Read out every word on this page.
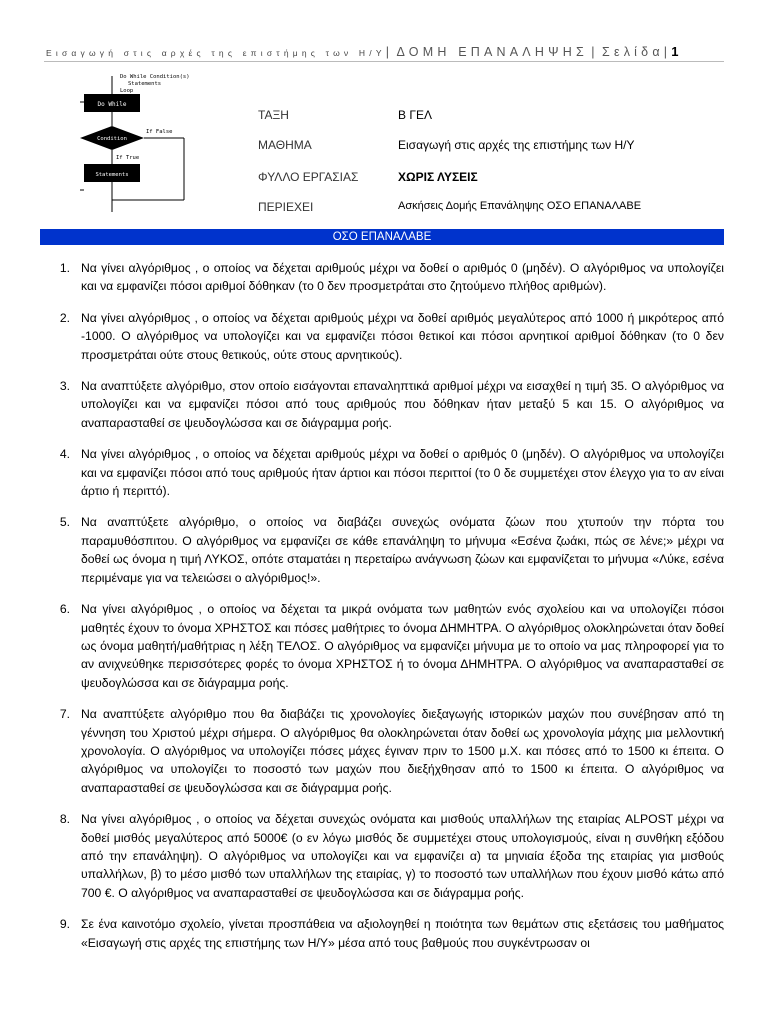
Εισαγωγή στις αρχές της επιστήμης των Η/Υ| ΔΟΜΗ ΕΠΑΝΑΛΗΨΗΣ | Σελίδα|1
Do While Condition(s)
Statements
Loop
Do While
Condition
If False
If True
Statements
ΤΑΞΗ	Β ΓΕΛ
ΜΑΘΗΜΑ	Εισαγωγή στις αρχές της επιστήμης των Η/Υ
ΦΥΛΛΟ ΕΡΓΑΣΙΑΣ	ΧΩΡΙΣ ΛΥΣΕΙΣ
ΠΕΡΙΕΧΕΙ	Ασκήσεις Δομής Επανάληψης ΟΣΟ ΕΠΑΝΑΛΑΒΕ
ΟΣΟ ΕΠΑΝΑΛΑΒΕ
1. Να γίνει αλγόριθμος , ο οποίος να δέχεται αριθμούς μέχρι να δοθεί ο αριθμός 0 (μηδέν). Ο αλγόριθμος να υπολογίζει και να εμφανίζει πόσοι αριθμοί δόθηκαν (το 0 δεν προσμετράται στο ζητούμενο πλήθος αριθμών).
2. Να γίνει αλγόριθμος , ο οποίος να δέχεται αριθμούς μέχρι να δοθεί αριθμός μεγαλύτερος από 1000 ή μικρότερος από -1000. Ο αλγόριθμος να υπολογίζει και να εμφανίζει πόσοι θετικοί και πόσοι αρνητικοί αριθμοί δόθηκαν (το 0 δεν προσμετράται ούτε στους θετικούς, ούτε στους αρνητικούς).
3. Να αναπτύξετε αλγόριθμο, στον οποίο εισάγονται επαναληπτικά αριθμοί μέχρι να εισαχθεί η τιμή 35. Ο αλγόριθμος να υπολογίζει και να εμφανίζει πόσοι από τους αριθμούς που δόθηκαν ήταν μεταξύ 5 και 15. Ο αλγόριθμος να αναπαρασταθεί σε ψευδογλώσσα και σε διάγραμμα ροής.
4. Να γίνει αλγόριθμος , ο οποίος να δέχεται αριθμούς μέχρι να δοθεί ο αριθμός 0 (μηδέν). Ο αλγόριθμος να υπολογίζει και να εμφανίζει πόσοι από τους αριθμούς ήταν άρτιοι και πόσοι περιττοί (το 0 δε συμμετέχει στον έλεγχο για το αν είναι άρτιο ή περιττό).
5. Να αναπτύξετε αλγόριθμο, ο οποίος να διαβάζει συνεχώς ονόματα ζώων που χτυπούν την πόρτα του παραμυθόσπιτου. Ο αλγόριθμος να εμφανίζει σε κάθε επανάληψη το μήνυμα «Εσένα ζωάκι, πώς σε λένε;» μέχρι να δοθεί ως όνομα η τιμή ΛΥΚΟΣ, οπότε σταματάει η περεταίρω ανάγνωση ζώων και εμφανίζεται το μήνυμα «Λύκε, εσένα περιμέναμε για να τελειώσει ο αλγόριθμος!».
6. Να γίνει αλγόριθμος , ο οποίος να δέχεται τα μικρά ονόματα των μαθητών ενός σχολείου και να υπολογίζει πόσοι μαθητές έχουν το όνομα ΧΡΗΣΤΟΣ και πόσες μαθήτριες το όνομα ΔΗΜΗΤΡΑ. Ο αλγόριθμος ολοκληρώνεται όταν δοθεί ως όνομα μαθητή/μαθήτριας η λέξη ΤΕΛΟΣ. Ο αλγόριθμος να εμφανίζει μήνυμα με το οποίο να μας πληροφορεί για το αν ανιχνεύθηκε περισσότερες φορές το όνομα ΧΡΗΣΤΟΣ ή το όνομα ΔΗΜΗΤΡΑ. Ο αλγόριθμος να αναπαρασταθεί σε ψευδογλώσσα και σε διάγραμμα ροής.
7. Να αναπτύξετε αλγόριθμο που θα διαβάζει τις χρονολογίες διεξαγωγής ιστορικών μαχών που συνέβησαν από τη γέννηση του Χριστού μέχρι σήμερα. Ο αλγόριθμος θα ολοκληρώνεται όταν δοθεί ως χρονολογία μάχης μια μελλοντική χρονολογία. Ο αλγόριθμος να υπολογίζει πόσες μάχες έγιναν πριν το 1500 μ.Χ. και πόσες από το 1500 κι έπειτα. Ο αλγόριθμος να υπολογίζει το ποσοστό των μαχών που διεξήχθησαν από το 1500 κι έπειτα. Ο αλγόριθμος να αναπαρασταθεί σε ψευδογλώσσα και σε διάγραμμα ροής.
8. Να γίνει αλγόριθμος , ο οποίος να δέχεται συνεχώς ονόματα και μισθούς υπαλλήλων της εταιρίας ALPOST μέχρι να δοθεί μισθός μεγαλύτερος από 5000€ (ο εν λόγω μισθός δε συμμετέχει στους υπολογισμούς, είναι η συνθήκη εξόδου από την επανάληψη). Ο αλγόριθμος να υπολογίζει και να εμφανίζει α) τα μηνιαία έξοδα της εταιρίας για μισθούς υπαλλήλων, β) το μέσο μισθό των υπαλλήλων της εταιρίας, γ) το ποσοστό των υπαλλήλων που έχουν μισθό κάτω από 700 €. Ο αλγόριθμος να αναπαρασταθεί σε ψευδογλώσσα και σε διάγραμμα ροής.
9. Σε ένα καινοτόμο σχολείο, γίνεται προσπάθεια να αξιολογηθεί η ποιότητα των θεμάτων στις εξετάσεις του μαθήματος «Εισαγωγή στις αρχές της επιστήμης των Η/Υ» μέσα από τους βαθμούς που συγκέντρωσαν οι
